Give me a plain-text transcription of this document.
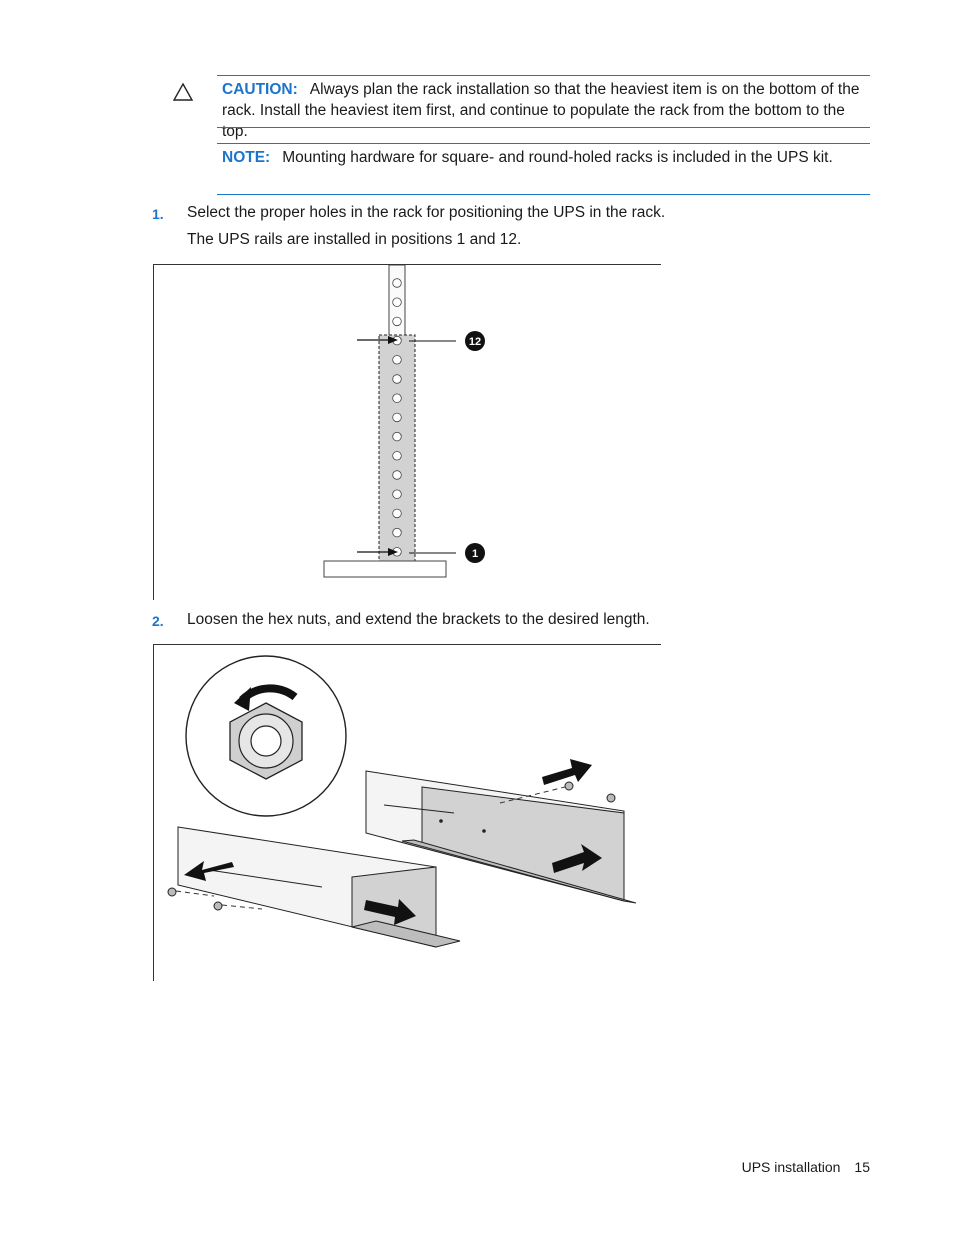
CAUTION: Always plan the rack installation so that the heaviest item is on the bottom of the rack. Install the heaviest item first, and continue to populate the rack from the bottom to the top.
NOTE: Mounting hardware for square- and round-holed racks is included in the UPS kit.
1. Select the proper holes in the rack for positioning the UPS in the rack.
The UPS rails are installed in positions 1 and 12.
12
1
2. Loosen the hex nuts, and extend the brackets to the desired length.
UPS installation 15
